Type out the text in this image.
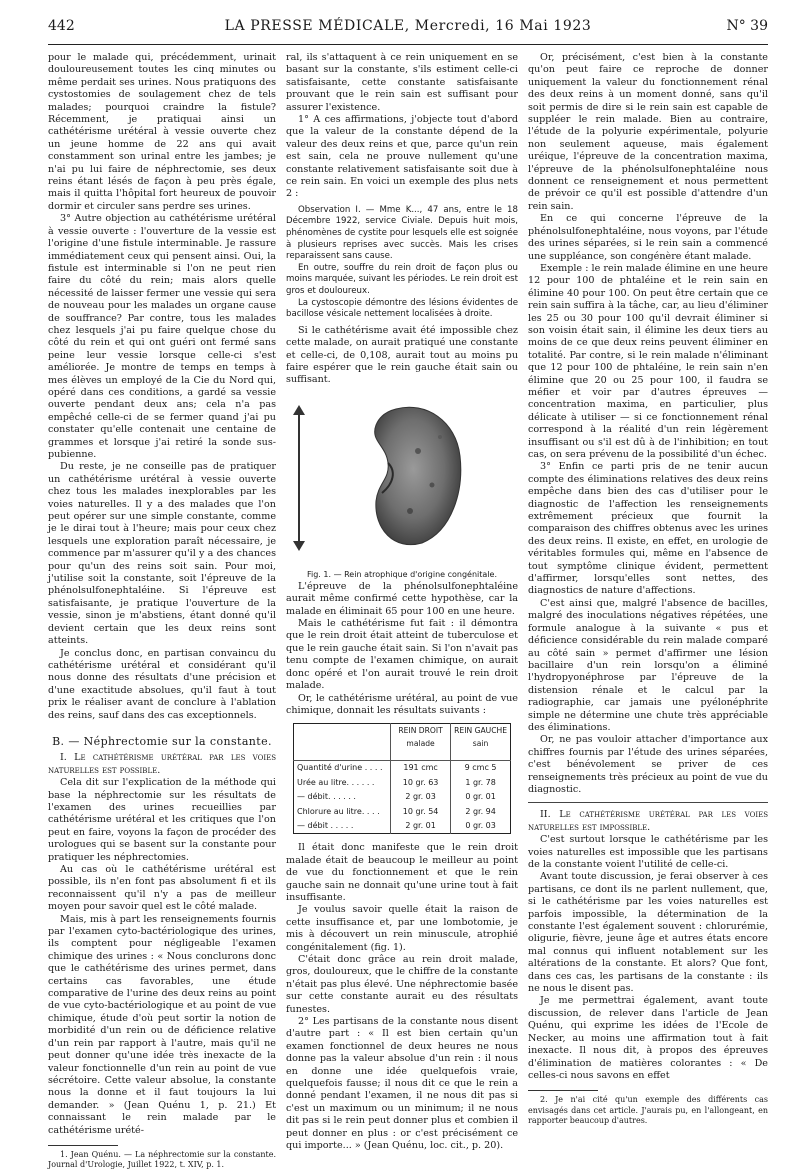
442	LA PRESSE MÉDICALE, Mercredi, 16 Mai 1923	N° 39

pour le malade qui, précédemment, urinait douloureusement toutes les cinq minutes ou même perdait ses urines. Nous pratiquons des cystostomies de soulagement chez de tels malades; pourquoi craindre la fistule? Récemment, je pratiquai ainsi un cathétérisme urétéral à vessie ouverte chez un jeune homme de 22 ans qui avait constamment son urinal entre les jambes; je n'ai pu lui faire de néphrectomie, ses deux reins étant lésés de façon à peu près égale, mais il quitta l'hôpital fort heureux de pouvoir dormir et circuler sans perdre ses urines.

3° Autre objection au cathétérisme urétéral à vessie ouverte : l'ouverture de la vessie est l'origine d'une fistule interminable. Je rassure immédiatement ceux qui pensent ainsi. Oui, la fistule est interminable si l'on ne peut rien faire du côté du rein; mais alors quelle nécessité de laisser fermer une vessie qui sera de nouveau pour les malades un organe cause de souffrance? Par contre, tous les malades chez lesquels j'ai pu faire quelque chose du côté du rein et qui ont guéri ont fermé sans peine leur vessie lorsque celle-ci s'est améliorée. Je montre de temps en temps à mes élèves un employé de la Cie du Nord qui, opéré dans ces conditions, a gardé sa vessie ouverte pendant deux ans; cela n'a pas empêché celle-ci de se fermer quand j'ai pu constater qu'elle contenait une centaine de grammes et lorsque j'ai retiré la sonde sus-pubienne.

Du reste, je ne conseille pas de pratiquer un cathétérisme urétéral à vessie ouverte chez tous les malades inexplorables par les voies naturelles. Il y a des malades que l'on peut opérer sur une simple constante, comme je le dirai tout à l'heure; mais pour ceux chez lesquels une exploration paraît nécessaire, je commence par m'assurer qu'il y a des chances pour qu'un des reins soit sain. Pour moi, j'utilise soit la constante, soit l'épreuve de la phénolsulfonephtaléine. Si l'épreuve est satisfaisante, je pratique l'ouverture de la vessie, sinon je m'abstiens, étant donné qu'il devient certain que les deux reins sont atteints.

Je conclus donc, en partisan convaincu du cathétérisme urétéral et considérant qu'il nous donne des résultats d'une précision et d'une exactitude absolues, qu'il faut à tout prix le réaliser avant de conclure à l'ablation des reins, sauf dans des cas exceptionnels.

B. — Néphrectomie sur la constante.

I. Le cathétérisme urétéral par les voies naturelles est possible.

Cela dit sur l'explication de la méthode qui base la néphrectomie sur les résultats de l'examen des urines recueillies par cathétérisme urétéral et les critiques que l'on peut en faire, voyons la façon de procéder des urologues qui se basent sur la constante pour pratiquer les néphrectomies.

Au cas où le cathétérisme urétéral est possible, ils n'en font pas absolument fi et ils reconnaissent qu'il n'y a pas de meilleur moyen pour savoir quel est le côté malade.

Mais, mis à part les renseignements fournis par l'examen cyto-bactériologique des urines, ils comptent pour négligeable l'examen chimique des urines : « Nous conclurons donc que le cathétérisme des urines permet, dans certains cas favorables, une étude comparative de l'urine des deux reins au point de vue cyto-bactériologique et au point de vue chimique, étude d'où peut sortir la notion de morbidité d'un rein ou de déficience relative d'un rein par rapport à l'autre, mais qu'il ne peut donner qu'une idée très inexacte de la valeur fonctionnelle d'un rein au point de vue sécrétoire. Cette valeur absolue, la constante nous la donne et il faut toujours la lui demander. » (Jean Quénu 1, p. 21.) Et connaissant le rein malade par le cathétérisme urété-

1. Jean Quénu. — La néphrectomie sur la constante. Journal d'Urologie, Juillet 1922, t. XIV, p. 1.

ral, ils s'attaquent à ce rein uniquement en se basant sur la constante, s'ils estiment celle-ci satisfaisante, cette constante satisfaisante prouvant que le rein sain est suffisant pour assurer l'existence.

1° A ces affirmations, j'objecte tout d'abord que la valeur de la constante dépend de la valeur des deux reins et que, parce qu'un rein est sain, cela ne prouve nullement qu'une constante relativement satisfaisante soit due à ce rein sain. En voici un exemple des plus nets 2 :

Observation I. — Mme K..., 47 ans, entre le 18 Décembre 1922, service Civiale. Depuis huit mois, phénomènes de cystite pour lesquels elle est soignée à plusieurs reprises avec succès. Mais les crises reparaissent sans cause.

En outre, souffre du rein droit de façon plus ou moins marquée, suivant les périodes. Le rein droit est gros et douloureux.

La cystoscopie démontre des lésions évidentes de bacillose vésicale nettement localisées à droite.

Si le cathétérisme avait été impossible chez cette malade, on aurait pratiqué une constante et celle-ci, de 0,108, aurait tout au moins pu faire espérer que le rein gauche était sain ou suffisant.

Fig. 1. — Rein atrophique d'origine congénitale.

L'épreuve de la phénolsulfonephtaléine aurait même confirmé cette hypothèse, car la malade en éliminait 65 pour 100 en une heure.

Mais le cathétérisme fut fait : il démontra que le rein droit était atteint de tuberculose et que le rein gauche était sain. Si l'on n'avait pas tenu compte de l'examen chimique, on aurait donc opéré et l'on aurait trouvé le rein droit malade.

Or, le cathétérisme urétéral, au point de vue chimique, donnait les résultats suivants :

	REIN DROIT malade	REIN GAUCHE sain
Quantité d'urine . . . .	191 cmc	9 cmc 5
Urée au litre. . . . . .	10 gr. 63	1 gr. 78
— débit. . . . . .	2 gr. 03	0 gr. 01
Chlorure au litre. . . .	10 gr. 54	2 gr. 94
— débit . . . . .	2 gr. 01	0 gr. 03

Il était donc manifeste que le rein droit malade était de beaucoup le meilleur au point de vue du fonctionnement et que le rein gauche sain ne donnait qu'une urine tout à fait insuffisante.

Je voulus savoir quelle était la raison de cette insuffisance et, par une lombotomie, je mis à découvert un rein minuscule, atrophié congénitalement (fig. 1).

C'était donc grâce au rein droit malade, gros, douloureux, que le chiffre de la constante n'était pas plus élevé. Une néphrectomie basée sur cette constante aurait eu des résultats funestes.

2° Les partisans de la constante nous disent d'autre part : « Il est bien certain qu'un examen fonctionnel de deux heures ne nous donne pas la valeur absolue d'un rein : il nous en donne une idée quelquefois vraie, quelquefois fausse; il nous dit ce que le rein a donné pendant l'examen, il ne nous dit pas si c'est un maximum ou un minimum; il ne nous dit pas si le rein peut donner plus et combien il peut donner en plus : or c'est précisément ce qui importe... » (Jean Quénu, loc. cit., p. 20).

Or, précisément, c'est bien à la constante qu'on peut faire ce reproche de donner uniquement la valeur du fonctionnement rénal des deux reins à un moment donné, sans qu'il soit permis de dire si le rein sain est capable de suppléer le rein malade. Bien au contraire, l'étude de la polyurie expérimentale, polyurie non seulement aqueuse, mais également uréique, l'épreuve de la concentration maxima, l'épreuve de la phénolsulfonephtaléine nous donnent ce renseignement et nous permettent de prévoir ce qu'il est possible d'attendre d'un rein sain.

En ce qui concerne l'épreuve de la phénolsulfonephtaléine, nous voyons, par l'étude des urines séparées, si le rein sain a commencé une suppléance, son congénère étant malade.

Exemple : le rein malade élimine en une heure 12 pour 100 de phtaléine et le rein sain en élimine 40 pour 100. On peut être certain que ce rein sain suffira à la tâche, car, au lieu d'éliminer les 25 ou 30 pour 100 qu'il devrait éliminer si son voisin était sain, il élimine les deux tiers au moins de ce que deux reins peuvent éliminer en totalité. Par contre, si le rein malade n'éliminant que 12 pour 100 de phtaléine, le rein sain n'en élimine que 20 ou 25 pour 100, il faudra se méfier et voir par d'autres épreuves — concentration maxima, en particulier, plus délicate à utiliser — si ce fonctionnement rénal correspond à la réalité d'un rein légèrement insuffisant ou s'il est dû à de l'inhibition; en tout cas, on sera prévenu de la possibilité d'un échec.

3° Enfin ce parti pris de ne tenir aucun compte des éliminations relatives des deux reins empêche dans bien des cas d'utiliser pour le diagnostic de l'affection les renseignements extrêmement précieux que fournit la comparaison des chiffres obtenus avec les urines des deux reins. Il existe, en effet, en urologie de véritables formules qui, même en l'absence de tout symptôme clinique évident, permettent d'affirmer, lorsqu'elles sont nettes, des diagnostics de nature d'affections.

C'est ainsi que, malgré l'absence de bacilles, malgré des inoculations négatives répétées, une formule analogue à la suivante « pus et déficience considérable du rein malade comparé au côté sain » permet d'affirmer une lésion bacillaire d'un rein lorsqu'on a éliminé l'hydropyonéphrose par l'épreuve de la distension rénale et le calcul par la radiographie, car jamais une pyélonéphrite simple ne détermine une chute très appréciable des éliminations.

Or, ne pas vouloir attacher d'importance aux chiffres fournis par l'étude des urines séparées, c'est bénévolement se priver de ces renseignements très précieux au point de vue du diagnostic.

II. Le cathétérisme urétéral par les voies naturelles est impossible.

C'est surtout lorsque le cathétérisme par les voies naturelles est impossible que les partisans de la constante voient l'utilité de celle-ci.

Avant toute discussion, je ferai observer à ces partisans, ce dont ils ne parlent nullement, que, si le cathétérisme par les voies naturelles est parfois impossible, la détermination de la constante l'est également souvent : chlorurémie, oligurie, fièvre, jeune âge et autres états encore mal connus qui influent notablement sur les altérations de la constante. Et alors? Que font, dans ces cas, les partisans de la constante : ils ne nous le disent pas.

Je me permettrai également, avant toute discussion, de relever dans l'article de Jean Quénu, qui exprime les idées de l'Ecole de Necker, au moins une affirmation tout à fait inexacte. Il nous dit, à propos des épreuves d'élimination de matières colorantes : « De celles-ci nous savons en effet

2. Je n'ai cité qu'un exemple des différents cas envisagés dans cet article. J'aurais pu, en l'allongeant, en rapporter beaucoup d'autres.
